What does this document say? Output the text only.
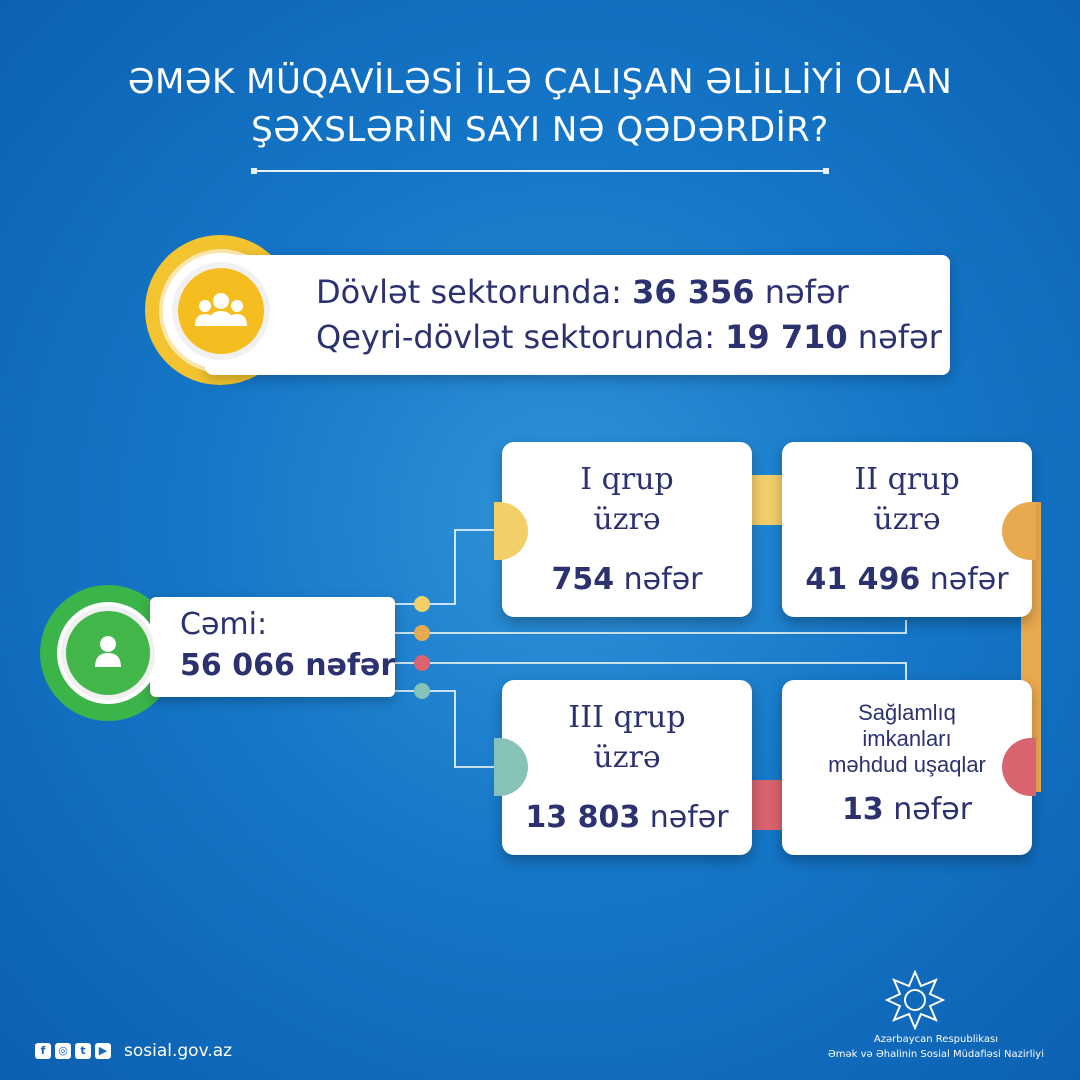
ƏMƏK MÜQAVİLƏSİ İLƏ ÇALIŞAN ƏLİLLİYİ OLAN
ŞƏXSLƏRİN SAYI NƏ QƏDƏRDİR?
Dövlət sektorunda: 36 356 nəfər
Qeyri-dövlət sektorunda: 19 710 nəfər
Cəmi:
56 066 nəfər
I qrup
üzrə
754 nəfər
II qrup
üzrə
41 496 nəfər
III qrup
üzrə
13 803 nəfər
Sağlamlıq
imkanları
məhdud uşaqlar
13 nəfər
f	◎	t	▶ sosial.gov.az
Azərbaycan Respublikası
Əmək və Əhalinin Sosial Müdafiəsi Nazirliyi
